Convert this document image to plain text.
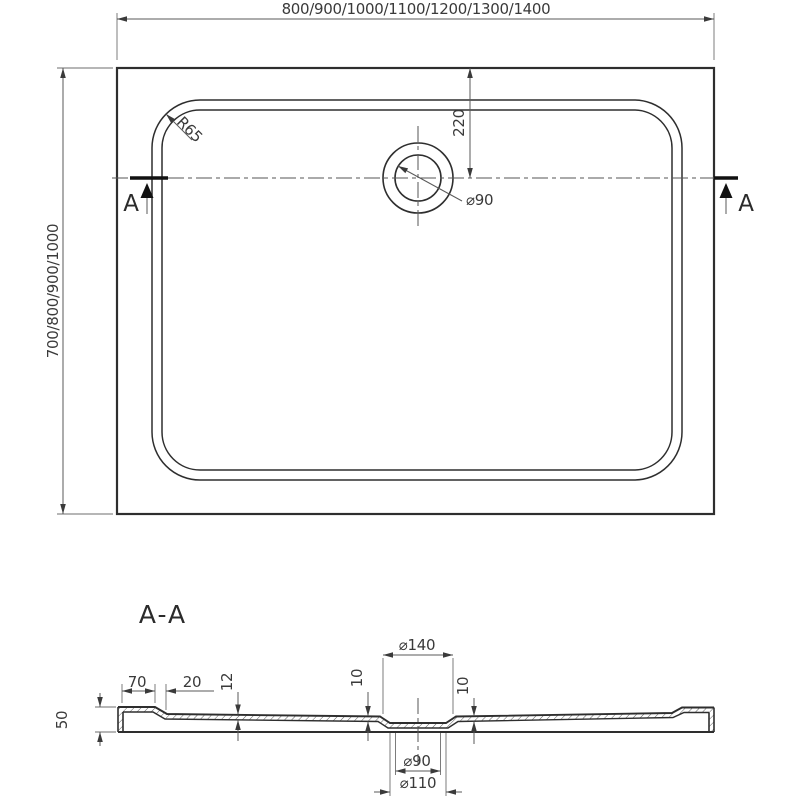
A	A
800/900/1000/1100/1200/1300/1400
700/800/900/1000
220
⌀90
R65
A-A
50
70 20 12	10	10
⌀140
⌀90
⌀110
